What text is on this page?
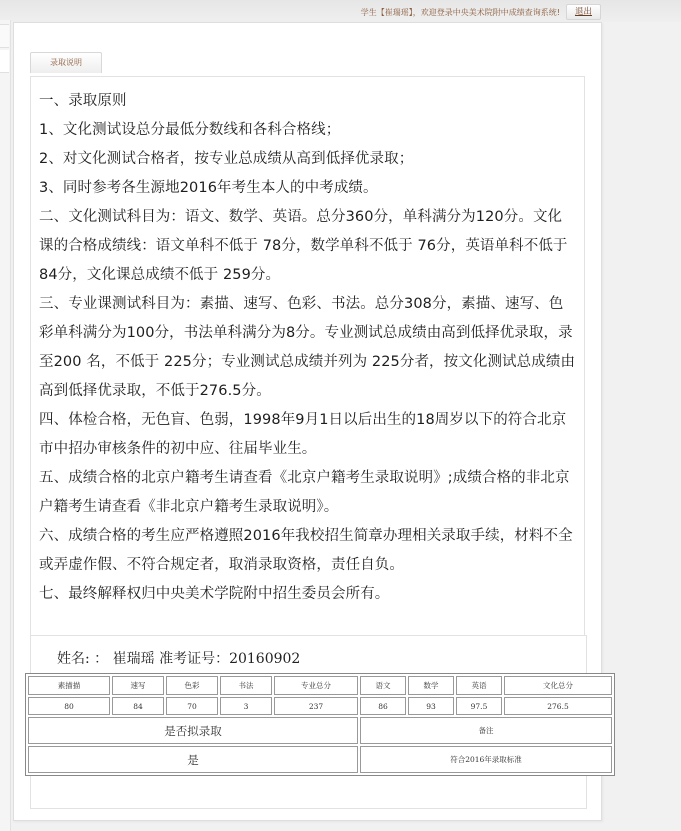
学生【崔瑞瑶】，欢迎登录中央美术院附中成绩查询系统!	退出
录取说明

一、录取原则

1、文化测试设总分最低分数线和各科合格线；

2、对文化测试合格者，按专业总成绩从高到低择优录取；

3、同时参考各生源地2016年考生本人的中考成绩。

二、文化测试科目为：语文、数学、英语。总分360分，单科满分为120分。文化课的合格成绩线：语文单科不低于 78分，数学单科不低于 76分，英语单科不低于84分，文化课总成绩不低于 259分。

三、专业课测试科目为：素描、速写、色彩、书法。总分308分，素描、速写、色彩单科满分为100分，书法单科满分为8分。专业测试总成绩由高到低择优录取，录至200 名，不低于 225分；专业测试总成绩并列为 225分者，按文化测试总成绩由高到低择优录取，不低于276.5分。

四、体检合格，无色盲、色弱，1998年9月1日以后出生的18周岁以下的符合北京市中招办审核条件的初中应、往届毕业生。

五、成绩合格的北京户籍考生请查看《北京户籍考生录取说明》;成绩合格的非北京户籍考生请查看《非北京户籍考生录取说明》。

六、成绩合格的考生应严格遵照2016年我校招生简章办理相关录取手续，材料不全或弄虚作假、不符合规定者，取消录取资格，责任自负。

七、最终解释权归中央美术学院附中招生委员会所有。

姓名: ： 崔瑞瑶 准考证号：20160902
素描描	速写	色彩	书法	专业总分	语文	数学	英语	文化总分
80	84	70	3	237	86	93	97.5	276.5
是否拟录取					备注			
是					符合2016年录取标准			
